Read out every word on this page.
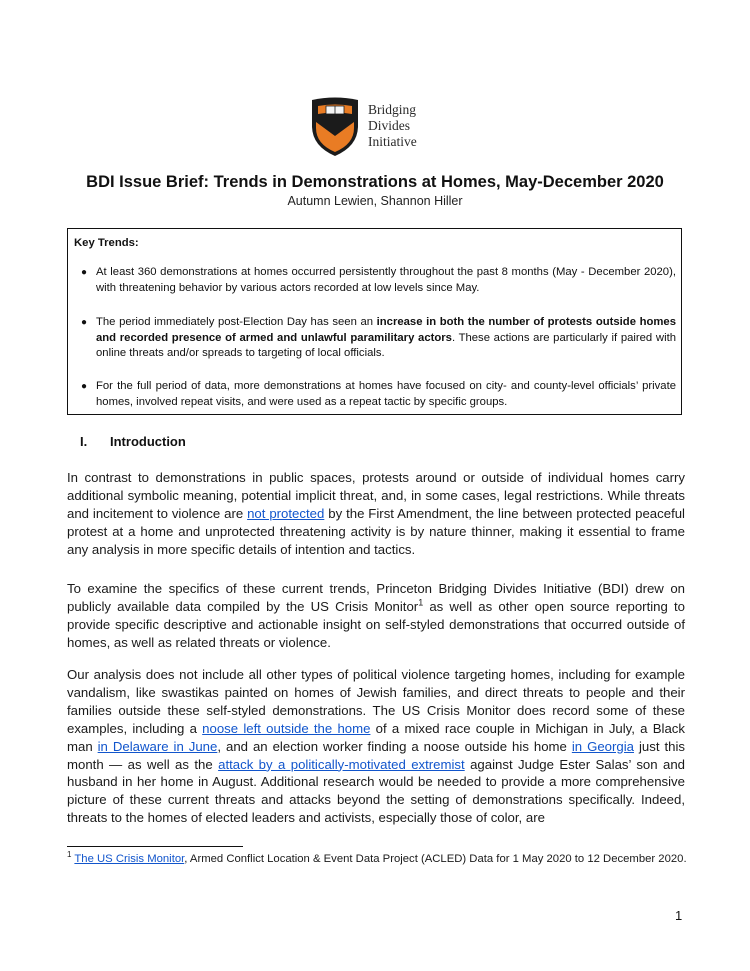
Bridging
Divides
Initiative
BDI Issue Brief: Trends in Demonstrations at Homes, May-December 2020
Autumn Lewien, Shannon Hiller
Key Trends:
● At least 360 demonstrations at homes occurred persistently throughout the past 8 months (May - December 2020), with threatening behavior by various actors recorded at low levels since May.
● The period immediately post-Election Day has seen an increase in both the number of protests outside homes and recorded presence of armed and unlawful paramilitary actors. These actions are particularly if paired with online threats and/or spreads to targeting of local officials.
● For the full period of data, more demonstrations at homes have focused on city- and county-level officials’ private homes, involved repeat visits, and were used as a repeat tactic by specific groups.
I. Introduction
In contrast to demonstrations in public spaces, protests around or outside of individual homes carry additional symbolic meaning, potential implicit threat, and, in some cases, legal restrictions. While threats and incitement to violence are not protected by the First Amendment, the line between protected peaceful protest at a home and unprotected threatening activity is by nature thinner, making it essential to frame any analysis in more specific details of intention and tactics.
To examine the specifics of these current trends, Princeton Bridging Divides Initiative (BDI) drew on publicly available data compiled by the US Crisis Monitor$^1$ as well as other open source reporting to provide specific descriptive and actionable insight on self-styled demonstrations that occurred outside of homes, as well as related threats or violence.
Our analysis does not include all other types of political violence targeting homes, including for example vandalism, like swastikas painted on homes of Jewish families, and direct threats to people and their families outside these self-styled demonstrations. The US Crisis Monitor does record some of these examples, including a noose left outside the home of a mixed race couple in Michigan in July, a Black man in Delaware in June, and an election worker finding a noose outside his home in Georgia just this month — as well as the attack by a politically-motivated extremist against Judge Ester Salas’ son and husband in her home in August. Additional research would be needed to provide a more comprehensive picture of these current threats and attacks beyond the setting of demonstrations specifically. Indeed, threats to the homes of elected leaders and activists, especially those of color, are
$^1$ The US Crisis Monitor, Armed Conflict Location & Event Data Project (ACLED) Data for 1 May 2020 to 12 December 2020.
1
